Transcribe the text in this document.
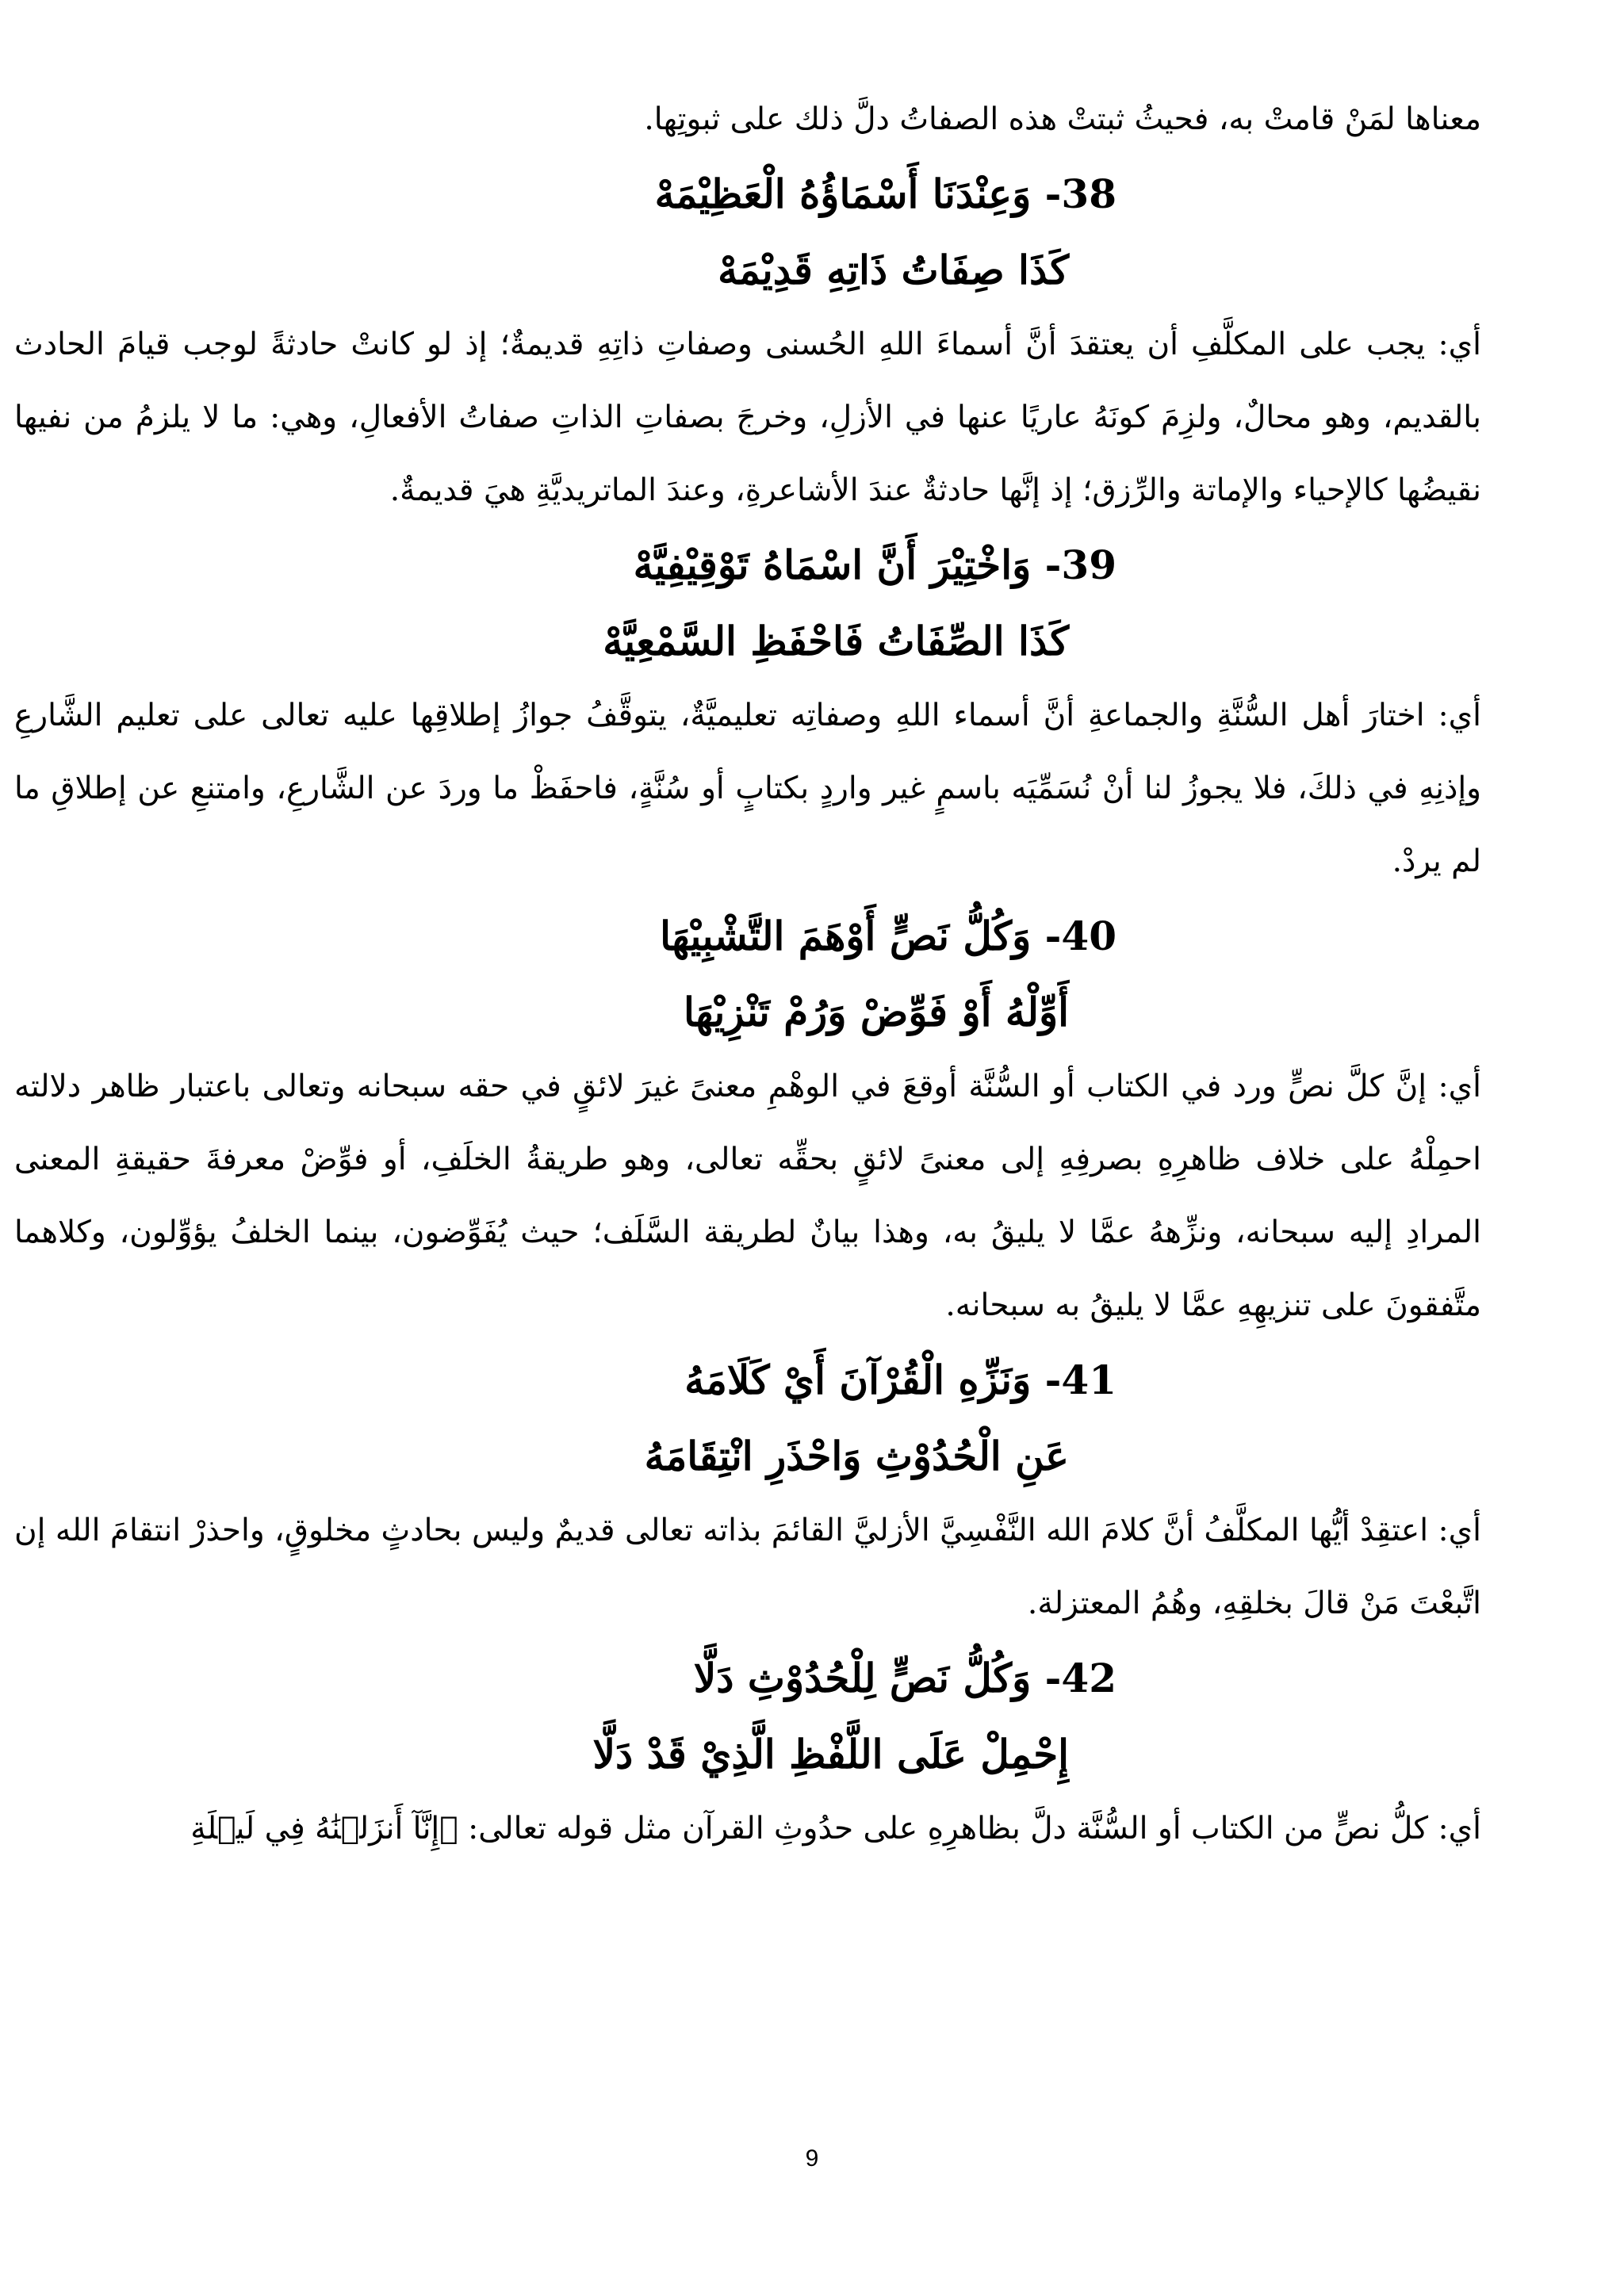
معناها لمَنْ قامتْ به، فحيثُ ثبتتْ هذه الصفاتُ دلَّ ذلك على ثبوتِها.

38- وَعِنْدَنَا أَسْمَاؤُهُ الْعَظِيْمَهْ
كَذَا صِفَاتُ ذَاتِهِ قَدِيْمَهْ

أي: يجب على المكلَّفِ أن يعتقدَ أنَّ أسماءَ اللهِ الحُسنى وصفاتِ ذاتِهِ قديمةٌ؛ إذ لو كانتْ حادثةً لوجب قيامَ الحادث بالقديم، وهو محالٌ، ولزِمَ كونَهُ عاريًا عنها في الأزلِ، وخرجَ بصفاتِ الذاتِ صفاتُ الأفعالِ، وهي: ما لا يلزمُ من نفيها نقيضُها كالإحياء والإماتة والرِّزق؛ إذ إنَّها حادثةٌ عندَ الأشاعرةِ، وعندَ الماتريديَّةِ هيَ قديمةٌ.

39- وَاخْتِيْرَ أَنَّ اسْمَاهُ تَوْقِيْفِيَّهْ
كَذَا الصِّفَاتُ فَاحْفَظِ السَّمْعِيَّهْ

أي: اختارَ أهل السُّنَّةِ والجماعةِ أنَّ أسماء اللهِ وصفاتِه تعليميَّةٌ، يتوقَّفُ جوازُ إطلاقِها عليه تعالى على تعليم الشَّارعِ وإذنِهِ في ذلكَ، فلا يجوزُ لنا أنْ نُسَمِّيَه باسمٍ غير واردٍ بكتابٍ أو سُنَّةٍ، فاحفَظْ ما وردَ عن الشَّارعِ، وامتنعِ عن إطلاقِ ما لم يردْ.

40- وَكُلُّ نَصٍّ أَوْهَمَ التَّشْبِيْهَا
أَوِّلْهُ أَوْ فَوِّضْ وَرُمْ تَنْزِيْهَا

أي: إنَّ كلَّ نصٍّ ورد في الكتاب أو السُّنَّة أوقعَ في الوهْمِ معنىً غيرَ لائقٍ في حقه سبحانه وتعالى باعتبار ظاهر دلالته احمِلْهُ على خلاف ظاهرِهِ بصرفِهِ إلى معنىً لائقٍ بحقِّه تعالى، وهو طريقةُ الخلَفِ، أو فوِّضْ معرفةَ حقيقةِ المعنى المرادِ إليه سبحانه، ونزِّههُ عمَّا لا يليقُ به، وهذا بيانٌ لطريقة السَّلَف؛ حيث يُفَوِّضون، بينما الخلفُ يؤوِّلون، وكلاهما متَّفقونَ على تنزيهِهِ عمَّا لا يليقُ به سبحانه.

41- وَنَزِّهِ الْقُرْآنَ أَيْ كَلَامَهُ
عَنِ الْحُدُوْثِ وَاحْذَرِ انْتِقَامَهُ

أي: اعتقِدْ أيُّها المكلَّفُ أنَّ كلامَ الله النَّفْسِيَّ الأزليَّ القائمَ بذاته تعالى قديمٌ وليس بحادثٍ مخلوقٍ، واحذرْ انتقامَ الله إن اتَّبعْتَ مَنْ قالَ بخلقِهِ، وهُمُ المعتزلة.

42- وَكُلُّ نَصٍّ لِلْحُدُوْثِ دَلَّا
إِحْمِلْ عَلَى اللَّفْظِ الَّذِيْ قَدْ دَلَّا

أي: كلُّ نصٍّ من الكتاب أو السُّنَّة دلَّ بظاهرِهِ على حدُوثِ القرآن مثل قوله تعالى: ﴿إِنَّآ أَنزَلۡنَٰهُ فِي لَيۡلَةِ

9
